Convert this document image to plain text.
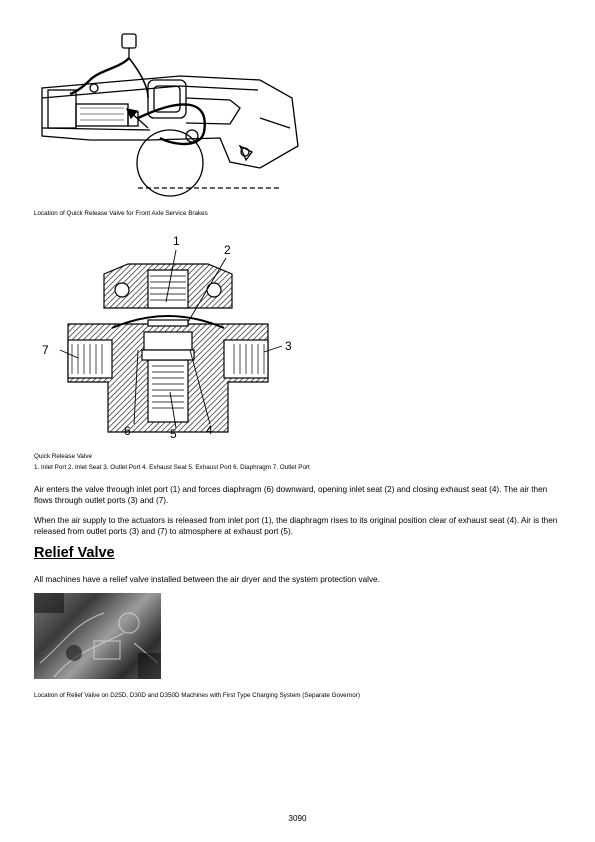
Location of Quick Release Valve for Front Axle Service Brakes
1
2
3
4
5
6
7
Quick Release Valve
1. Inlet Port 2. Inlet Seat 3. Outlet Port 4. Exhaust Seat 5. Exhaust Port 6. Diaphragm 7. Outlet Port

Air enters the valve through inlet port (1) and forces diaphragm (6) downward, opening inlet seat (2) and closing exhaust seat (4). The air then flows through outlet ports (3) and (7).

When the air supply to the actuators is released from inlet port (1), the diaphragm rises to its original position clear of exhaust seat (4). Air is then released from outlet ports (3) and (7) to atmosphere at exhaust port (5).

Relief Valve

All machines have a relief valve installed between the air dryer and the system protection valve.

Location of Relief Valve on D25D, D30D and D350D Machines with First Type Charging System (Separate Governor)
3090
